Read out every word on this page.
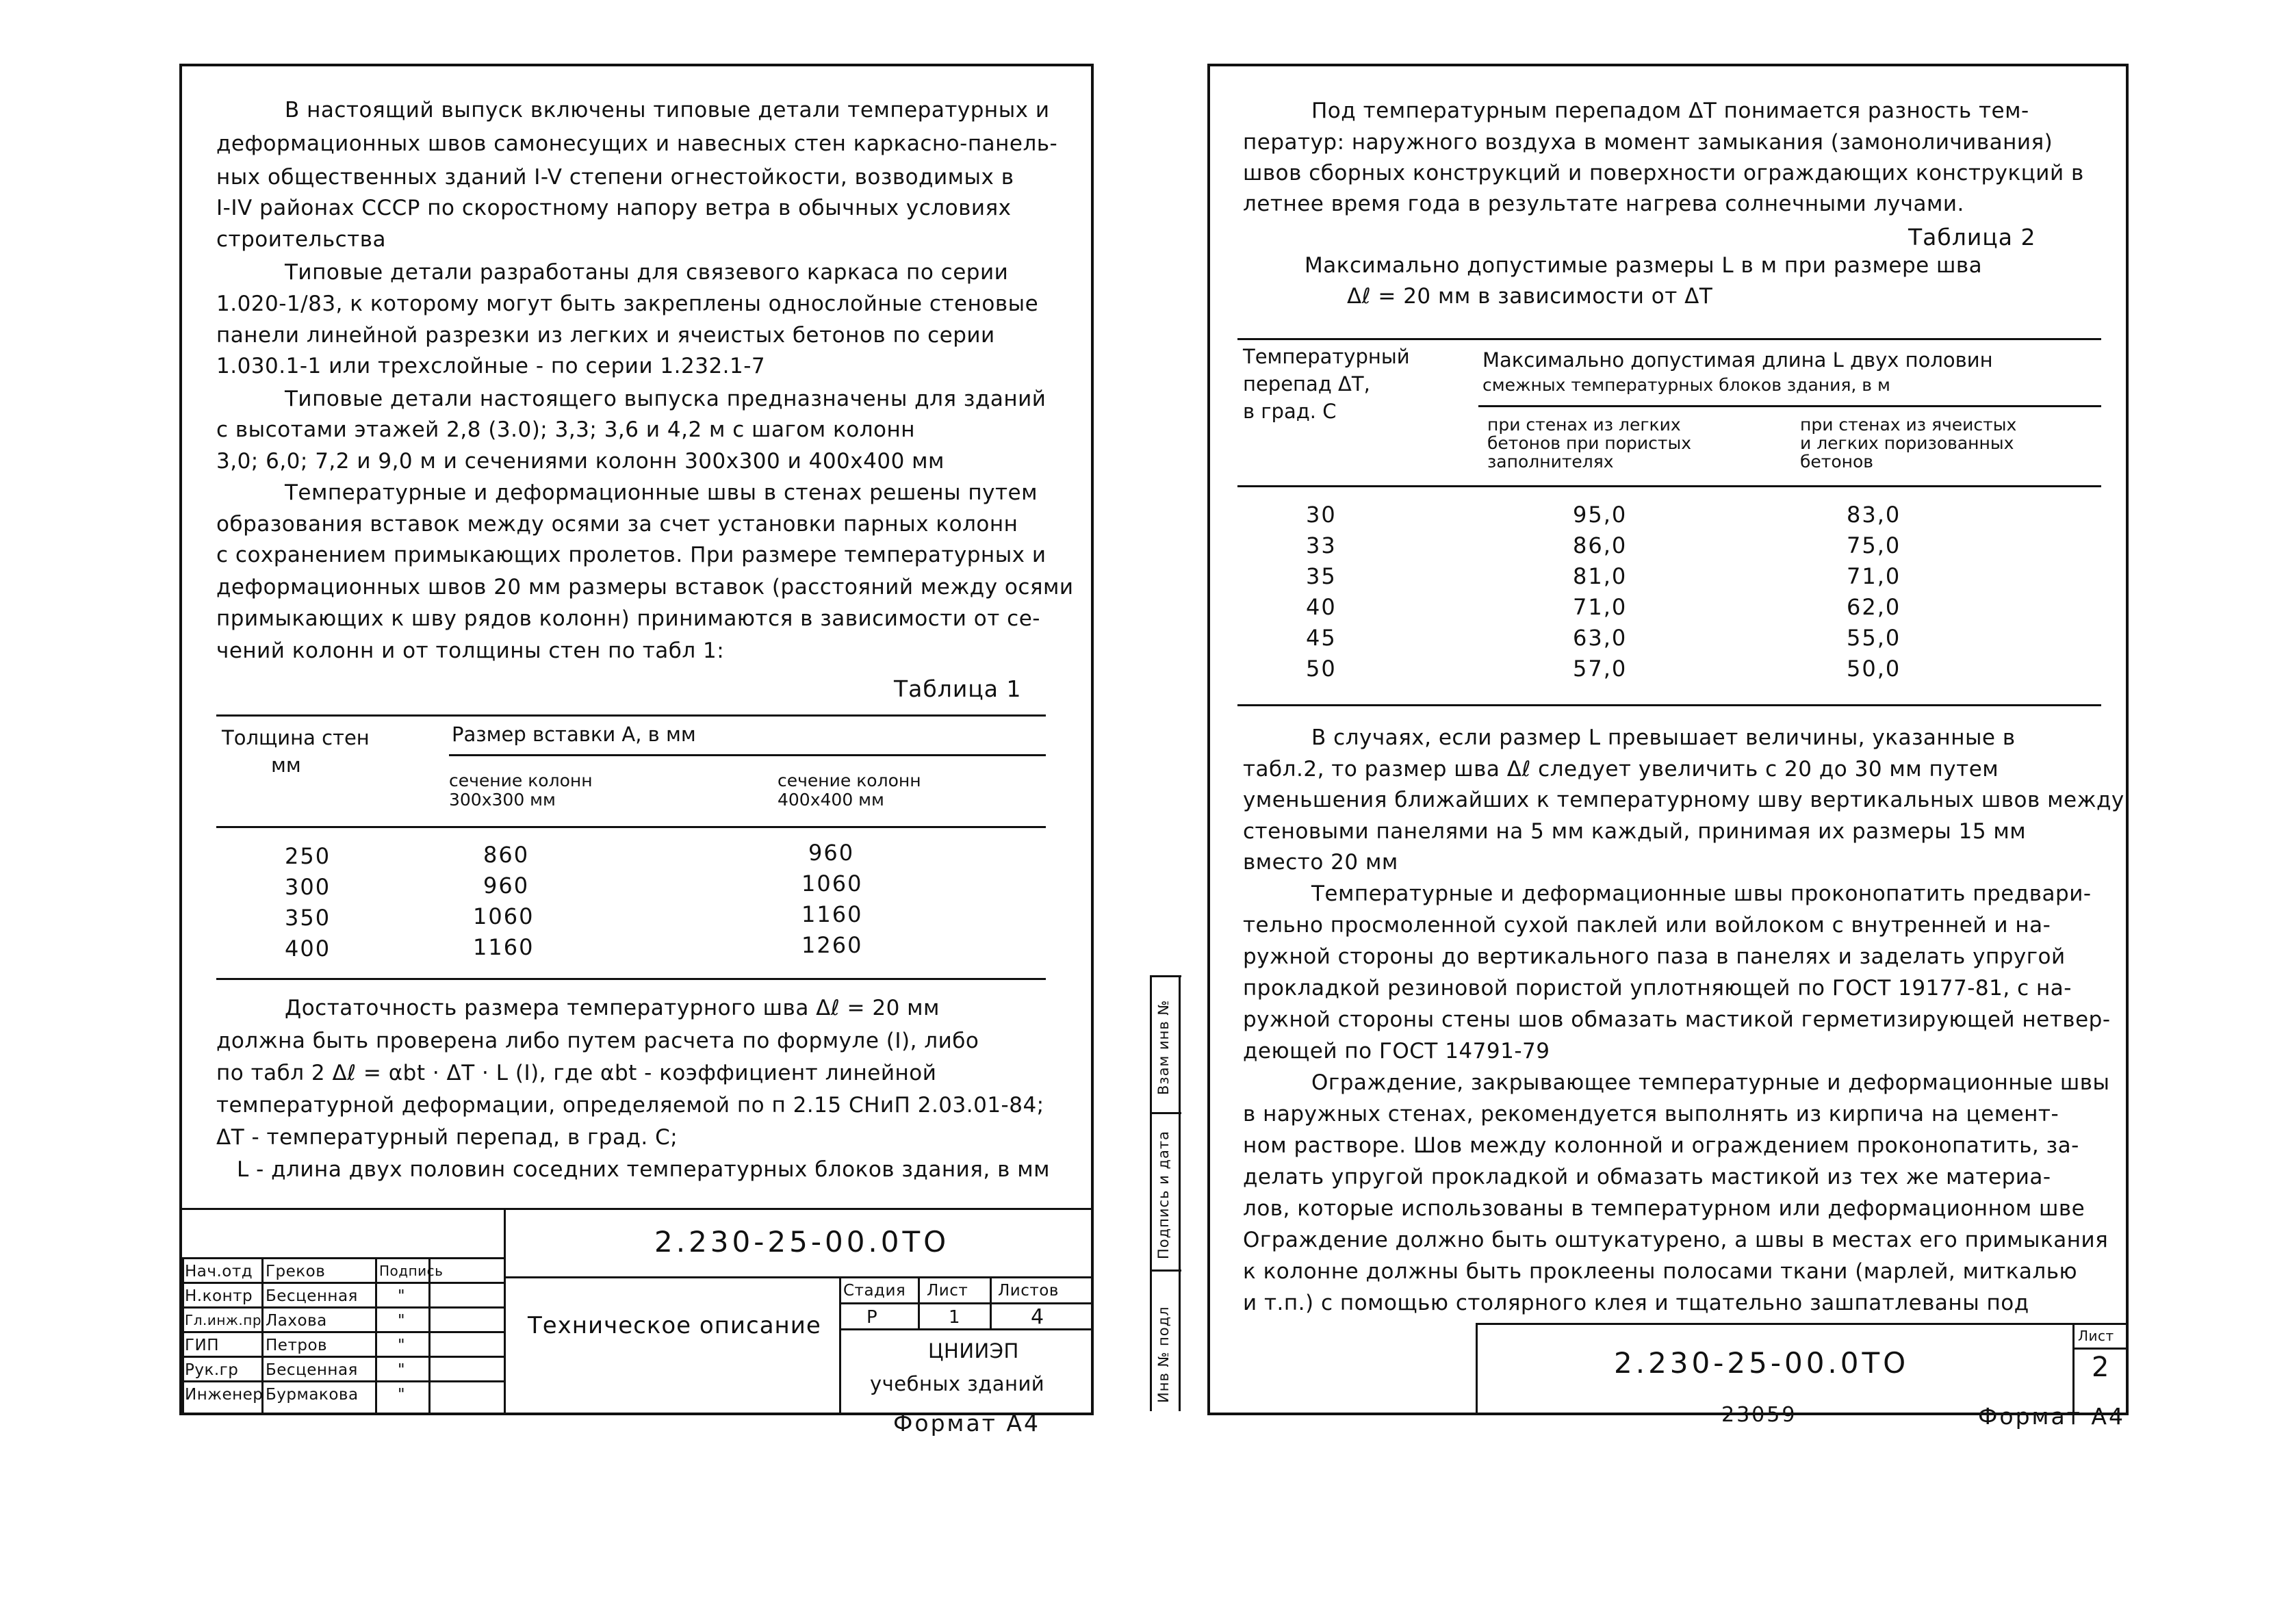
В настоящий выпуск включены типовые детали температурных и
деформационных швов самонесущих и навесных стен каркасно-панель-
ных общественных зданий I-V степени огнестойкости, возводимых в
I-IV районах СССР по скоростному напору ветра в обычных условиях
строительства
Типовые детали разработаны для связевого каркаса по серии
1.020-1/83, к которому могут быть закреплены однослойные стеновые
панели линейной разрезки из легких и ячеистых бетонов по серии
1.030.1-1 или трехслойные - по серии 1.232.1-7
Типовые детали настоящего выпуска предназначены для зданий
с высотами этажей 2,8 (3.0); 3,3; 3,6 и 4,2 м с шагом колонн
3,0; 6,0; 7,2 и 9,0 м и сечениями колонн 300х300 и 400х400 мм
Температурные и деформационные швы в стенах решены путем
образования вставок между осями за счет установки парных колонн
с сохранением примыкающих пролетов. При размере температурных и
деформационных швов 20 мм размеры вставок (расстояний между осями
примыкающих к шву рядов колонн) принимаются в зависимости от се-
чений колонн и от толщины стен по табл 1:
Таблица 1
Толщина стен
мм
Размер вставки А, в мм
сечение колонн
300х300 мм
сечение колонн
400х400 мм
250	860	960
300	960	1060
350	1060	1160
400	1160	1260
Достаточность размера температурного шва Δℓ = 20 мм
должна быть проверена либо путем расчета по формуле (I), либо
по табл 2 Δℓ = αbt · ΔT · L (I), где αbt - коэффициент линейной
температурной деформации, определяемой по п 2.15 СНиП 2.03.01-84;
ΔT - температурный перепад, в град. С;
L - длина двух половин соседних температурных блоков здания, в мм
2.230-25-00.0ТО
Техническое описание
Стадия Лист Листов
Р	1	4
ЦНИИЭП
учебных зданий
Подпись
Нач.отд Греков
Н.контр Бесценная	"
Гл.инж.пр Лахова	"
ГИП	Петров	"
Рук.гр Бесценная	"
Инженер Бурмакова "
Формат А4
Под температурным перепадом ΔT понимается разность тем-
ператур: наружного воздуха в момент замыкания (замоноличивания)
швов сборных конструкций и поверхности ограждающих конструкций в
летнее время года в результате нагрева солнечными лучами.
Таблица 2
Максимально допустимые размеры L в м при размере шва
Δℓ = 20 мм в зависимости от ΔT
Температурный
перепад ΔT,
в град. С
Максимально допустимая длина L двух половин
смежных температурных блоков здания, в м
при стенах из легких
бетонов при пористых
заполнителях
при стенах из ячеистых
и легких поризованных
бетонов
30	95,0	83,0
33	86,0	75,0
35	81,0	71,0
40	71,0	62,0
45	63,0	55,0
50	57,0	50,0
В случаях, если размер L превышает величины, указанные в
табл.2, то размер шва Δℓ следует увеличить с 20 до 30 мм путем
уменьшения ближайших к температурному шву вертикальных швов между
стеновыми панелями на 5 мм каждый, принимая их размеры 15 мм
вместо 20 мм
Температурные и деформационные швы проконопатить предвари-
тельно просмоленной сухой паклей или войлоком с внутренней и на-
ружной стороны до вертикального паза в панелях и заделать упругой
прокладкой резиновой пористой уплотняющей по ГОСТ 19177-81, с на-
ружной стороны стены шов обмазать мастикой герметизирующей нетвер-
деющей по ГОСТ 14791-79
Ограждение, закрывающее температурные и деформационные швы
в наружных стенах, рекомендуется выполнять из кирпича на цемент-
ном растворе. Шов между колонной и ограждением проконопатить, за-
делать упругой прокладкой и обмазать мастикой из тех же материа-
лов, которые использованы в температурном или деформационном шве
Ограждение должно быть оштукатурено, а швы в местах его примыкания
к колонне должны быть проклеены полосами ткани (марлей, миткалью
и т.п.) с помощью столярного клея и тщательно зашпатлеваны под
2.230-25-00.0ТО
Лист
2
Инв № подл
Подпись и дата
Взам инв №
23059	Формат А4
